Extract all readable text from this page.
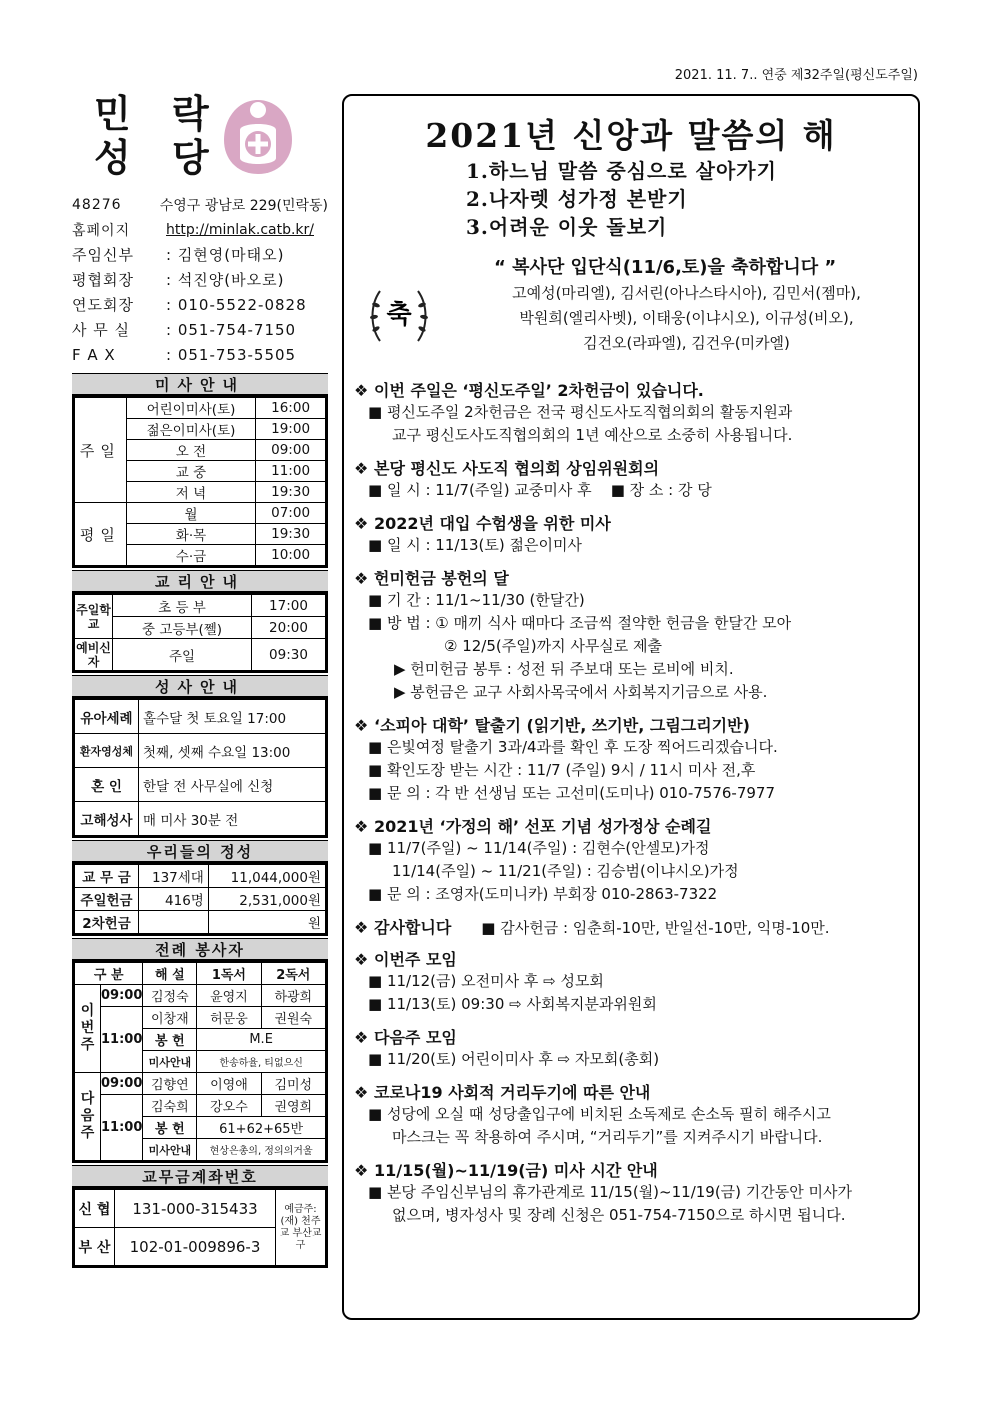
2021. 11. 7.. 연중 제32주일(평신도주일)
민 락
성 당
48276	수영구 광남로 229(민락동)
홈페이지	http://minlak.catb.kr/
주임신부	: 김현영(마태오)
평협회장	: 석진양(바오로)
연도회장	: 010-5522-0828
사 무 실	: 051-754-7150
F A X	: 051-753-5505
미사안내
주일	어린이미사(토)	16:00
	젊은이미사(토)	19:00
	오 전	09:00
	교 중	11:00
	저 녁	19:30
평일	월	07:00
	화·목	19:30
	수·금	10:00
교리안내
주일학교	초 등 부	17:00
	중 고등부(쩰)	20:00
예비신자	주일	09:30
성사안내
유아세례	홀수달 첫 토요일 17:00
환자영성체	첫째, 셋째 수요일 13:00
혼 인	한달 전 사무실에 신청
고해성사	매 미사 30분 전
우리들의 정성
교 무 금	137세대	11,044,000원
주일헌금	416명	2,531,000원
2차헌금		원
전례 봉사자
구 분		해 설	1독서	2독서
이번주	09:00	김정숙	윤영지	하광희
	11:00	이창재	허문웅	권원숙
		봉 헌	M.E	
		미사안내	한송하율, 티없으신	
다음주	09:00	김향연	이영애	김미성
	11:00	김숙희	강오수	권영희
		봉 헌	61+62+65반	
		미사안내	현상은총의, 정의의거울	
교무금계좌번호
신 협	131-000-315433	예금주: (재) 천주교 부산교구
부 산	102-01-009896-3	
2021년 신앙과 말씀의 해
1.하느님 말씀 중심으로 살아가기
2.나자렛 성가정 본받기
3.어려운 이웃 돌보기
축
“ 복사단 입단식(11/6,토)을 축하합니다 ”
고예성(마리엘), 김서린(아나스타시아), 김민서(젬마),
박원희(엘리사벳), 이태웅(이냐시오), 이규성(비오),
김건오(라파엘), 김건우(미카엘)
❖ 이번 주일은 ‘평신도주일’ 2차헌금이 있습니다.
■ 평신도주일 2차헌금은 전국 평신도사도직협의회의 활동지원과
교구 평신도사도직협의회의 1년 예산으로 소중히 사용됩니다.
❖ 본당 평신도 사도직 협의회 상임위원회의
■ 일 시 : 11/7(주일) 교중미사 후    ■ 장 소 : 강 당
❖ 2022년 대입 수험생을 위한 미사
■ 일 시 : 11/13(토) 젊은이미사
❖ 헌미헌금 봉헌의 달
■ 기 간 : 11/1~11/30 (한달간)
■ 방 법 : ① 매끼 식사 때마다 조금씩 절약한 헌금을 한달간 모아
② 12/5(주일)까지 사무실로 제출
▶ 헌미헌금 봉투 : 성전 뒤 주보대 또는 로비에 비치.
▶ 봉헌금은 교구 사회사목국에서 사회복지기금으로 사용.
❖ ‘소피아 대학’ 탈출기 (읽기반, 쓰기반, 그림그리기반)
■ 은빛여정 탈출기 3과/4과를 확인 후 도장 찍어드리겠습니다.
■ 확인도장 받는 시간 : 11/7 (주일) 9시 / 11시 미사 전,후
■ 문 의 : 각 반 선생님 또는 고선미(도미나) 010-7576-7977
❖ 2021년 ‘가정의 해’ 선포 기념 성가정상 순례길
■ 11/7(주일) ~ 11/14(주일) : 김현수(안셀모)가정
11/14(주일) ~ 11/21(주일) : 김승범(이냐시오)가정
■ 문 의 : 조영자(도미니카) 부회장 010-2863-7322
❖ 감사합니다 ■ 감사헌금 : 임춘희-10만, 반일선-10만, 익명-10만.
❖ 이번주 모임
■ 11/12(금) 오전미사 후 ⇨ 성모회
■ 11/13(토) 09:30 ⇨ 사회복지분과위원회
❖ 다음주 모임
■ 11/20(토) 어린이미사 후 ⇨ 자모회(총회)
❖ 코로나19 사회적 거리두기에 따른 안내
■ 성당에 오실 때 성당출입구에 비치된 소독제로 손소독 필히 해주시고
마스크는 꼭 착용하여 주시며, “거리두기”를 지켜주시기 바랍니다.
❖ 11/15(월)~11/19(금) 미사 시간 안내
■ 본당 주임신부님의 휴가관계로 11/15(월)~11/19(금) 기간동안 미사가
없으며, 병자성사 및 장례 신청은 051-754-7150으로 하시면 됩니다.
